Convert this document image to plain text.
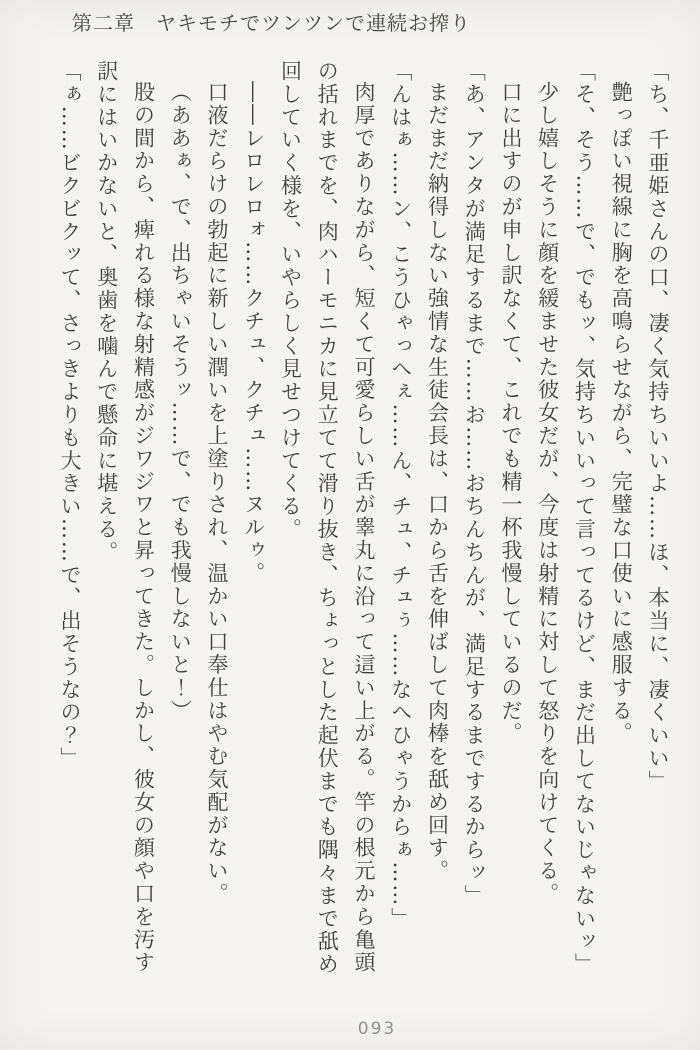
第二章　ヤキモチでツンツンで連続お搾り

「ち、千亜姫さんの口、凄く気持ちいいよ……ほ、本当に、凄くいい」

艶っぽい視線に胸を高鳴らせながら、完璧な口使いに感服する。

「そ、そう……で、でもッ、気持ちいいって言ってるけど、まだ出してないじゃないッ」

少し嬉しそうに顔を緩ませた彼女だが、今度は射精に対して怒りを向けてくる。

口に出すのが申し訳なくて、これでも精一杯我慢しているのだ。

「あ、アンタが満足するまで……お……おちんちんが、満足するまでするからッ」

まだまだ納得しない強情な生徒会長は、口から舌を伸ばして肉棒を舐め回す。

「んはぁ……ン、こうひゃっへぇ……ん、チュ、チュぅ……なへひゃうからぁ……」

肉厚でありながら、短くて可愛らしい舌が睾丸に沿って這い上がる。竿の根元から亀頭の括れまでを、肉ハーモニカに見立てて滑り抜き、ちょっとした起伏までも隅々まで舐め回していく様を、いやらしく見せつけてくる。

――レロレロォ……クチュ、クチュ……ヌルゥ。

口液だらけの勃起に新しい潤いを上塗りされ、温かい口奉仕はやむ気配がない。

（ああぁ、で、出ちゃいそうッ……で、でも我慢しないと！）

股の間から、痺れる様な射精感がジワジワと昇ってきた。しかし、彼女の顔や口を汚す訳にはいかないと、奥歯を噛んで懸命に堪える。

「ぁ……ビクビクッて、さっきよりも大きい……で、出そうなの？」

093
